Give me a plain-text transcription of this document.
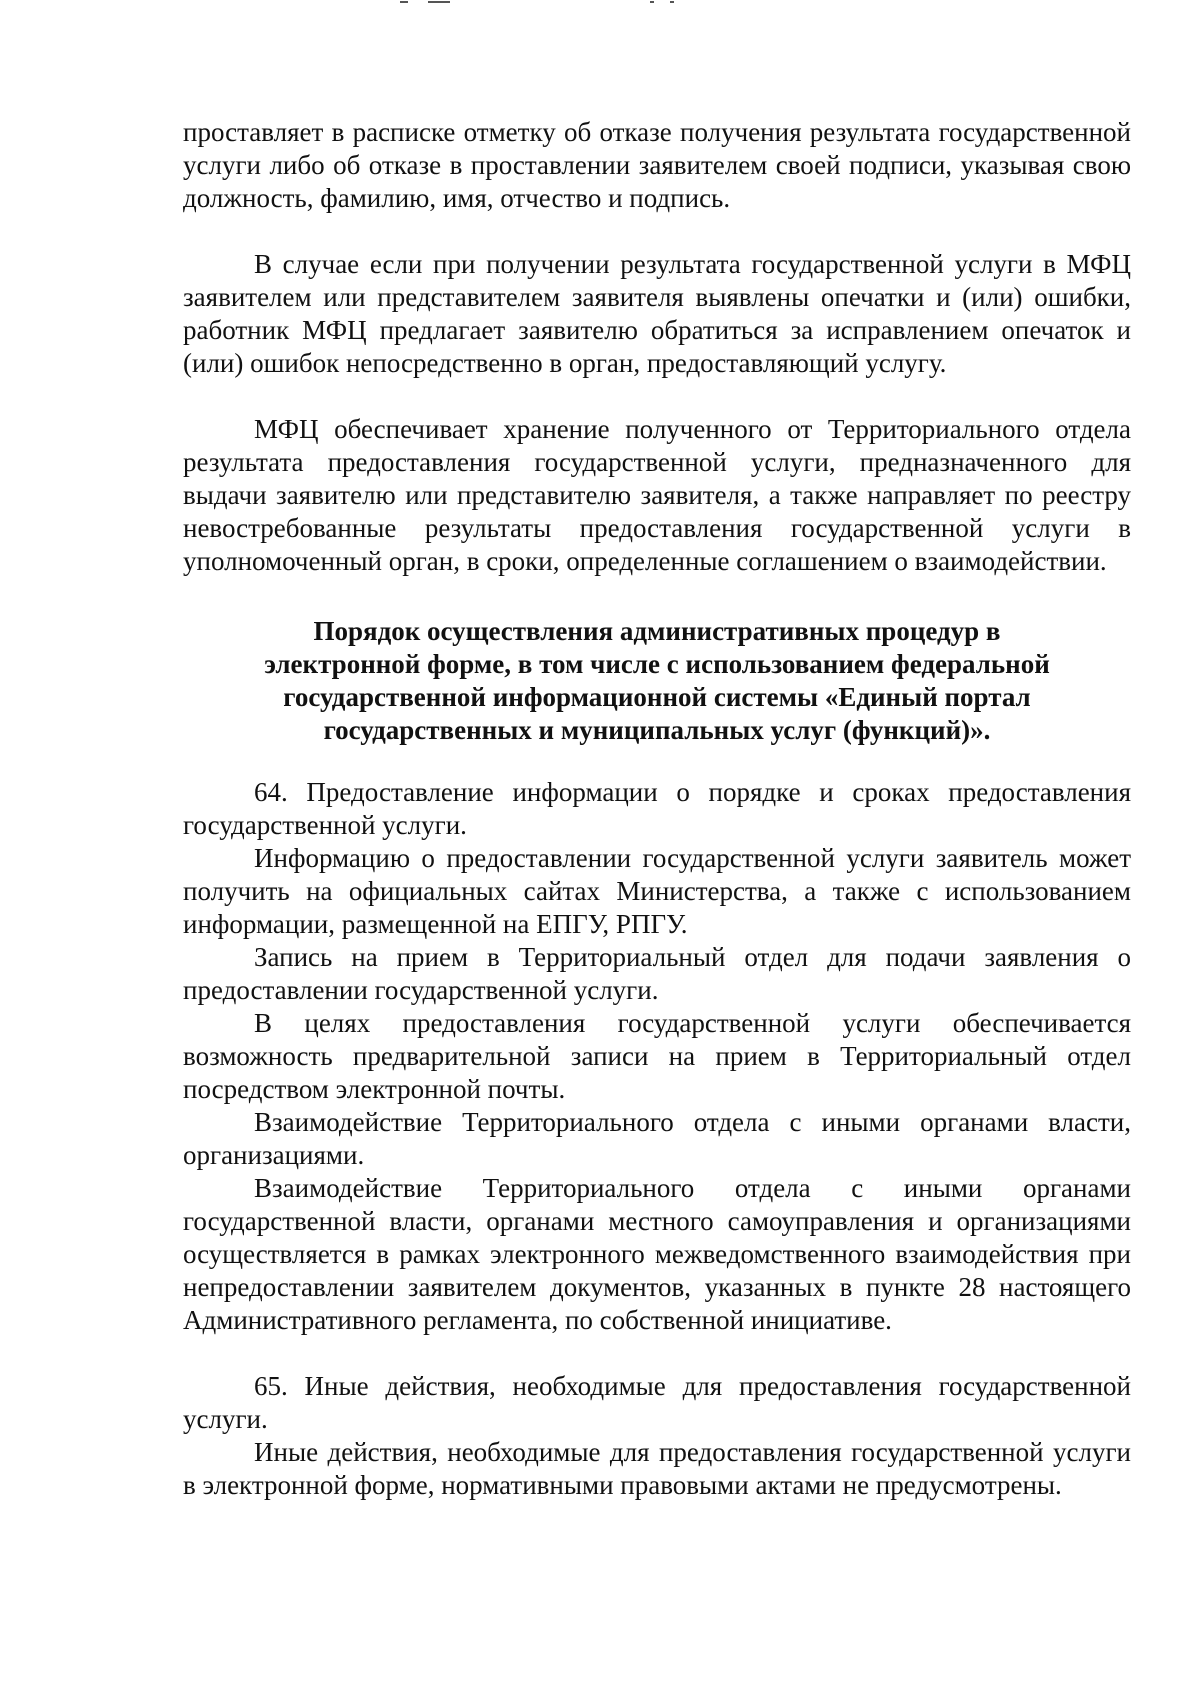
проставляет в расписке отметку об отказе получения результата государственной услуги либо об отказе в проставлении заявителем своей подписи, указывая свою должность, фамилию, имя, отчество и подпись.

В случае если при получении результата государственной услуги в МФЦ заявителем или представителем заявителя выявлены опечатки и (или) ошибки, работник МФЦ предлагает заявителю обратиться за исправлением опечаток и (или) ошибок непосредственно в орган, предоставляющий услугу.

МФЦ обеспечивает хранение полученного от Территориального отдела результата предоставления государственной услуги, предназначенного для выдачи заявителю или представителю заявителя, а также направляет по реестру невостребованные результаты предоставления государственной услуги в уполномоченный орган, в сроки, определенные соглашением о взаимодействии.

Порядок осуществления административных процедур в
электронной форме, в том числе с использованием федеральной
государственной информационной системы «Единый портал
государственных и муниципальных услуг (функций)».

64. Предоставление информации о порядке и сроках предоставления государственной услуги.

Информацию о предоставлении государственной услуги заявитель может получить на официальных сайтах Министерства, а также с использованием информации, размещенной на ЕПГУ, РПГУ.

Запись на прием в Территориальный отдел для подачи заявления о предоставлении государственной услуги.

В целях предоставления государственной услуги обеспечивается возможность предварительной записи на прием в Территориальный отдел посредством электронной почты.

Взаимодействие Территориального отдела с иными органами власти, организациями.

Взаимодействие Территориального отдела с иными органами государственной власти, органами местного самоуправления и организациями осуществляется в рамках электронного межведомственного взаимодействия при непредоставлении заявителем документов, указанных в пункте 28 настоящего Административного регламента, по собственной инициативе.

65. Иные действия, необходимые для предоставления государственной услуги.

Иные действия, необходимые для предоставления государственной услуги в электронной форме, нормативными правовыми актами не предусмотрены.
